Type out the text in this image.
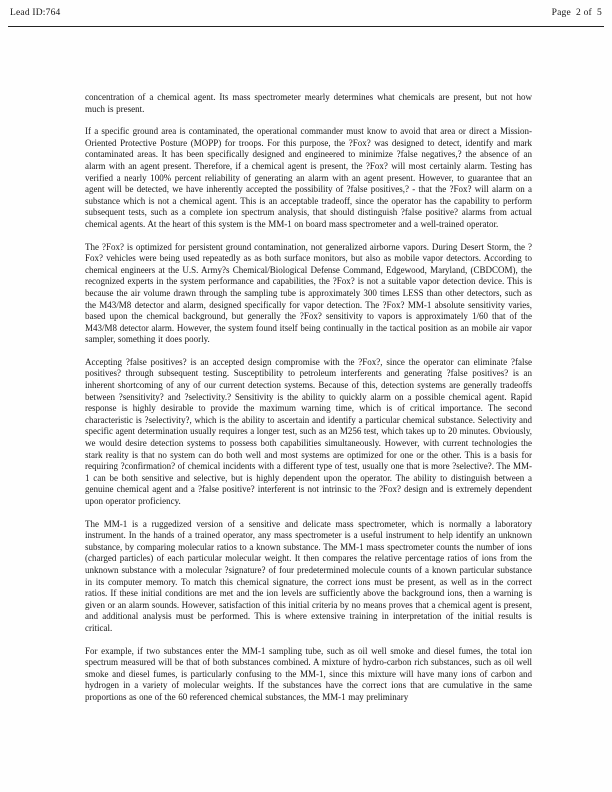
Lead ID:764	Page  2 of  5

concentration of a chemical agent. Its mass spectrometer mearly determines what chemicals are present, but not how much is present.

If a specific ground area is contaminated, the operational commander must know to avoid that area or direct a Mission-Oriented Protective Posture (MOPP) for troops. For this purpose, the ?Fox? was designed to detect, identify and mark contaminated areas. It has been specifically designed and engineered to minimize ?false negatives,? the absence of an alarm with an agent present. Therefore, if a chemical agent is present, the ?Fox? will most certainly alarm. Testing has verified a nearly 100% percent reliability of generating an alarm with an agent present. However, to guarantee that an agent will be detected, we have inherently accepted the possibility of ?false positives,? - that the ?Fox? will alarm on a substance which is not a chemical agent. This is an acceptable tradeoff, since the operator has the capability to perform subsequent tests, such as a complete ion spectrum analysis, that should distinguish ?false positive? alarms from actual chemical agents. At the heart of this system is the MM-1 on board mass spectrometer and a well-trained operator.

The ?Fox? is optimized for persistent ground contamination, not generalized airborne vapors. During Desert Storm, the ?Fox? vehicles were being used repeatedly as as both surface monitors, but also as mobile vapor detectors. According to chemical engineers at the U.S. Army?s Chemical/Biological Defense Command, Edgewood, Maryland, (CBDCOM), the recognized experts in the system performance and capabilities, the ?Fox? is not a suitable vapor detection device. This is because the air volume drawn through the sampling tube is approximately 300 times LESS than other detectors, such as the M43/M8 detector and alarm, designed specifically for vapor detection. The ?Fox? MM-1 absolute sensitivity varies, based upon the chemical background, but generally the ?Fox? sensitivity to vapors is approximately 1/60 that of the M43/M8 detector alarm. However, the system found itself being continually in the tactical position as an mobile air vapor sampler, something it does poorly.

Accepting ?false positives? is an accepted design compromise with the ?Fox?, since the operator can eliminate ?false positives? through subsequent testing. Susceptibility to petroleum interferents and generating ?false positives? is an inherent shortcoming of any of our current detection systems. Because of this, detection systems are generally tradeoffs between ?sensitivity? and ?selectivity.? Sensitivity is the ability to quickly alarm on a possible chemical agent. Rapid response is highly desirable to provide the maximum warning time, which is of critical importance. The second characteristic is ?selectivity?, which is the ability to ascertain and identify a particular chemical substance. Selectivity and specific agent determination usually requires a longer test, such as an M256 test, which takes up to 20 minutes. Obviously, we would desire detection systems to possess both capabilities simultaneously. However, with current technologies the stark reality is that no system can do both well and most systems are optimized for one or the other. This is a basis for requiring ?confirmation? of chemical incidents with a different type of test, usually one that is more ?selective?. The MM-1 can be both sensitive and selective, but is highly dependent upon the operator. The ability to distinguish between a genuine chemical agent and a ?false positive? interferent is not intrinsic to the ?Fox? design and is extremely dependent upon operator proficiency.

The MM-1 is a ruggedized version of a sensitive and delicate mass spectrometer, which is normally a laboratory instrument. In the hands of a trained operator, any mass spectrometer is a useful instrument to help identify an unknown substance, by comparing molecular ratios to a known substance. The MM-1 mass spectrometer counts the number of ions (charged particles) of each particular molecular weight. It then compares the relative percentage ratios of ions from the unknown substance with a molecular ?signature? of four predetermined molecule counts of a known particular substance in its computer memory. To match this chemical signature, the correct ions must be present, as well as in the correct ratios. If these initial conditions are met and the ion levels are sufficiently above the background ions, then a warning is given or an alarm sounds. However, satisfaction of this initial criteria by no means proves that a chemical agent is present, and additional analysis must be performed. This is where extensive training in interpretation of the initial results is critical.

For example, if two substances enter the MM-1 sampling tube, such as oil well smoke and diesel fumes, the total ion spectrum measured will be that of both substances combined. A mixture of hydro-carbon rich substances, such as oil well smoke and diesel fumes, is particularly confusing to the MM-1, since this mixture will have many ions of carbon and hydrogen in a variety of molecular weights. If the substances have the correct ions that are cumulative in the same proportions as one of the 60 referenced chemical substances, the MM-1 may preliminary
